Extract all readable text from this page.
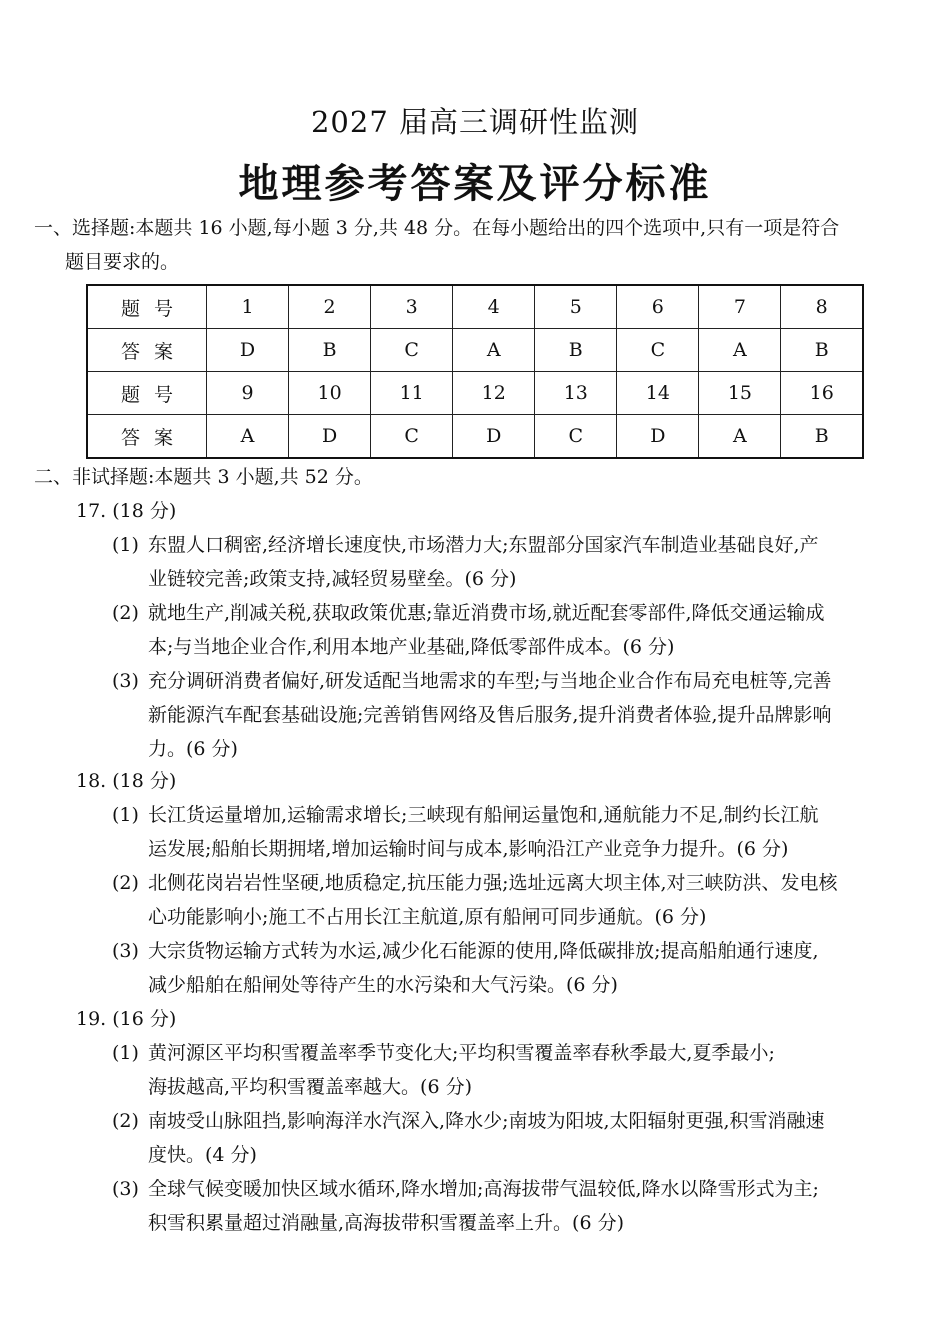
2027 届高三调研性监测
地理参考答案及评分标准
一、选择题:本题共 16 小题,每小题 3 分,共 48 分。在每小题给出的四个选项中,只有一项是符合
题目要求的。
题号	1	2	3	4	5	6	7	8
答案	D	B	C	A	B	C	A	B
题号	9	10	11	12	13	14	15	16
答案	A	D	C	D	C	D	A	B
二、非试择题:本题共 3 小题,共 52 分。
17. (18 分)
(1) 东盟人口稠密,经济增长速度快,市场潜力大;东盟部分国家汽车制造业基础良好,产
业链较完善;政策支持,减轻贸易壁垒。(6 分)
(2) 就地生产,削减关税,获取政策优惠;靠近消费市场,就近配套零部件,降低交通运输成
本;与当地企业合作,利用本地产业基础,降低零部件成本。(6 分)
(3) 充分调研消费者偏好,研发适配当地需求的车型;与当地企业合作布局充电桩等,完善
新能源汽车配套基础设施;完善销售网络及售后服务,提升消费者体验,提升品牌影响
力。(6 分)
18. (18 分)
(1) 长江货运量增加,运输需求增长;三峡现有船闸运量饱和,通航能力不足,制约长江航
运发展;船舶长期拥堵,增加运输时间与成本,影响沿江产业竞争力提升。(6 分)
(2) 北侧花岗岩岩性坚硬,地质稳定,抗压能力强;选址远离大坝主体,对三峡防洪、发电核
心功能影响小;施工不占用长江主航道,原有船闸可同步通航。(6 分)
(3) 大宗货物运输方式转为水运,减少化石能源的使用,降低碳排放;提高船舶通行速度,
减少船舶在船闸处等待产生的水污染和大气污染。(6 分)
19. (16 分)
(1) 黄河源区平均积雪覆盖率季节变化大;平均积雪覆盖率春秋季最大,夏季最小;
海拔越高,平均积雪覆盖率越大。(6 分)
(2) 南坡受山脉阻挡,影响海洋水汽深入,降水少;南坡为阳坡,太阳辐射更强,积雪消融速
度快。(4 分)
(3) 全球气候变暖加快区域水循环,降水增加;高海拔带气温较低,降水以降雪形式为主;
积雪积累量超过消融量,高海拔带积雪覆盖率上升。(6 分)
